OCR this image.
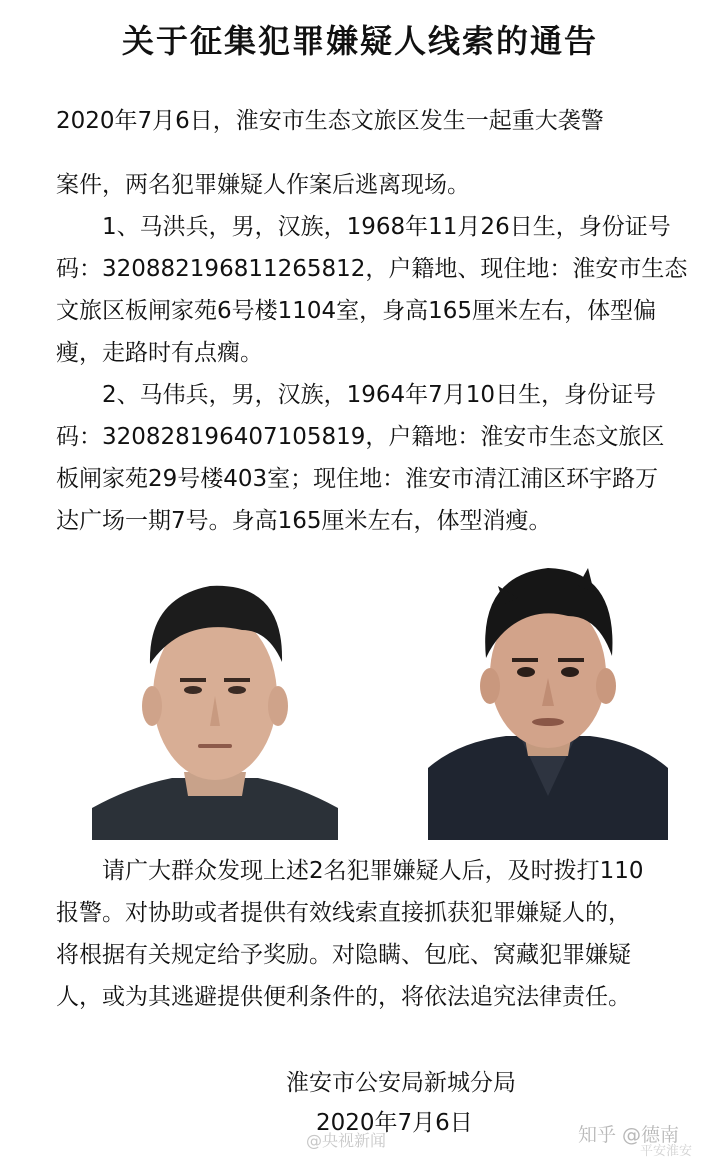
关于征集犯罪嫌疑人线索的通告
2020年7月6日，淮安市生态文旅区发生一起重大袭警
案件，两名犯罪嫌疑人作案后逃离现场。
1、马洪兵，男，汉族，1968年11月26日生，身份证号
码：320882196811265812，户籍地、现住地：淮安市生态
文旅区板闸家苑6号楼1104室，身高165厘米左右，体型偏
瘦，走路时有点瘸。
2、马伟兵，男，汉族，1964年7月10日生，身份证号
码：320828196407105819，户籍地：淮安市生态文旅区
板闸家苑29号楼403室；现住地：淮安市清江浦区环宇路万
达广场一期7号。身高165厘米左右，体型消瘦。
请广大群众发现上述2名犯罪嫌疑人后，及时拨打110
报警。对协助或者提供有效线索直接抓获犯罪嫌疑人的，
将根据有关规定给予奖励。对隐瞒、包庇、窝藏犯罪嫌疑
人，或为其逃避提供便利条件的，将依法追究法律责任。
淮安市公安局新城分局
2020年7月6日
@央视新闻	知乎 @德南
平安淮安
